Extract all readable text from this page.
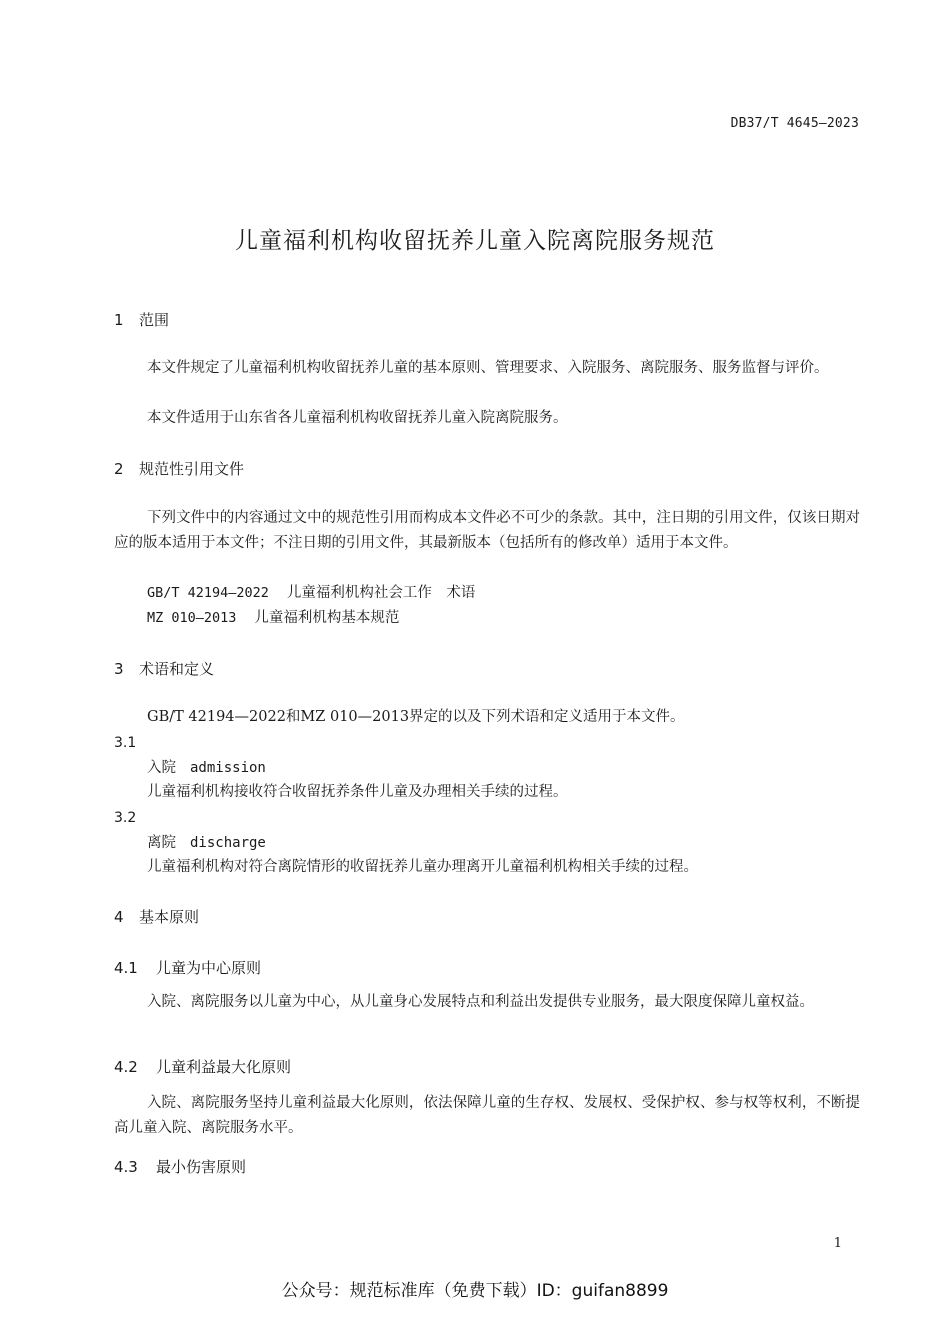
DB37/T 4645—2023
儿童福利机构收留抚养儿童入院离院服务规范
1 范围
本文件规定了儿童福利机构收留抚养儿童的基本原则、管理要求、入院服务、离院服务、服务监督与评价。
本文件适用于山东省各儿童福利机构收留抚养儿童入院离院服务。
2 规范性引用文件
下列文件中的内容通过文中的规范性引用而构成本文件必不可少的条款。其中，注日期的引用文件，仅该日期对应的版本适用于本文件；不注日期的引用文件，其最新版本（包括所有的修改单）适用于本文件。
GB/T 42194—2022 儿童福利机构社会工作　术语
MZ 010—2013 儿童福利机构基本规范
3 术语和定义
GB/T 42194—2022和MZ 010—2013界定的以及下列术语和定义适用于本文件。
3.1
入院 admission
儿童福利机构接收符合收留抚养条件儿童及办理相关手续的过程。
3.2
离院 discharge
儿童福利机构对符合离院情形的收留抚养儿童办理离开儿童福利机构相关手续的过程。
4 基本原则
4.1 儿童为中心原则
入院、离院服务以儿童为中心，从儿童身心发展特点和利益出发提供专业服务，最大限度保障儿童权益。
4.2 儿童利益最大化原则
入院、离院服务坚持儿童利益最大化原则，依法保障儿童的生存权、发展权、受保护权、参与权等权利，不断提高儿童入院、离院服务水平。
4.3 最小伤害原则
1
公众号：规范标准库（免费下载）ID：guifan8899
